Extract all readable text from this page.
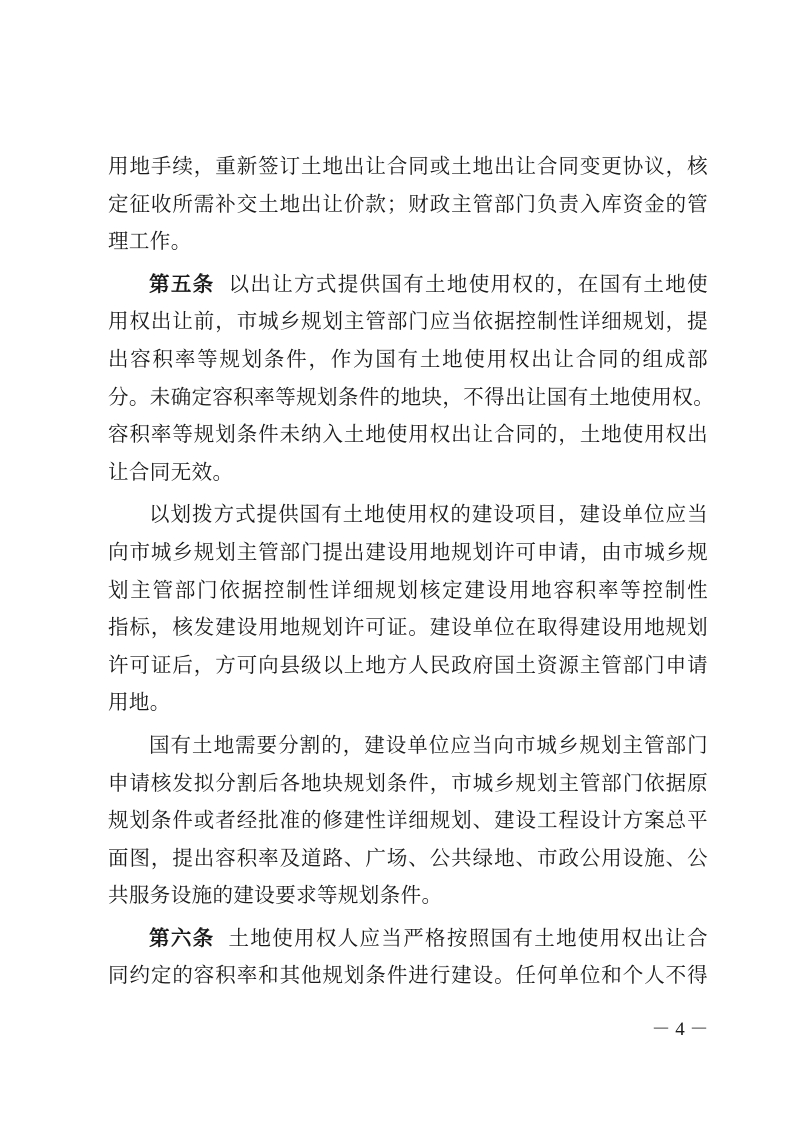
用地手续，重新签订土地出让合同或土地出让合同变更协议，核
定征收所需补交土地出让价款；财政主管部门负责入库资金的管
理工作。
第五条 以出让方式提供国有土地使用权的，在国有土地使
用权出让前，市城乡规划主管部门应当依据控制性详细规划，提
出容积率等规划条件，作为国有土地使用权出让合同的组成部
分。未确定容积率等规划条件的地块，不得出让国有土地使用权。
容积率等规划条件未纳入土地使用权出让合同的，土地使用权出
让合同无效。
以划拨方式提供国有土地使用权的建设项目，建设单位应当
向市城乡规划主管部门提出建设用地规划许可申请，由市城乡规
划主管部门依据控制性详细规划核定建设用地容积率等控制性
指标，核发建设用地规划许可证。建设单位在取得建设用地规划
许可证后，方可向县级以上地方人民政府国土资源主管部门申请
用地。
国有土地需要分割的，建设单位应当向市城乡规划主管部门
申请核发拟分割后各地块规划条件，市城乡规划主管部门依据原
规划条件或者经批准的修建性详细规划、建设工程设计方案总平
面图，提出容积率及道路、广场、公共绿地、市政公用设施、公
共服务设施的建设要求等规划条件。
第六条 土地使用权人应当严格按照国有土地使用权出让合
同约定的容积率和其他规划条件进行建设。任何单位和个人不得
－ 4 －
